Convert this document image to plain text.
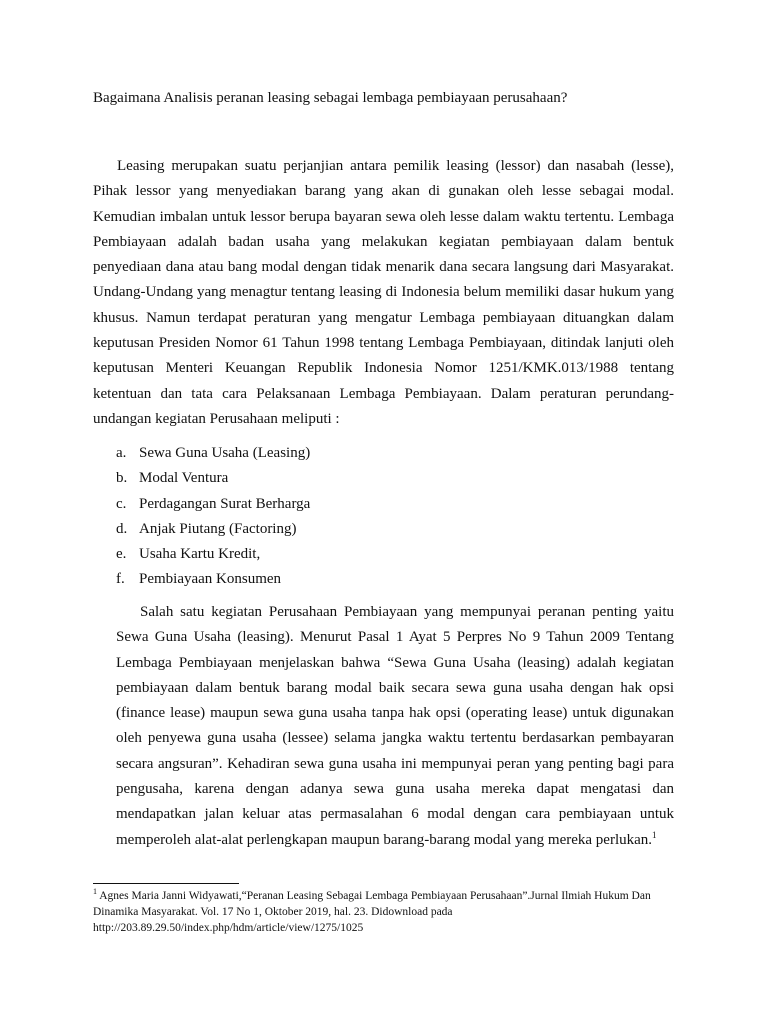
Bagaimana Analisis peranan leasing sebagai lembaga pembiayaan perusahaan?

Leasing merupakan suatu perjanjian antara pemilik leasing (lessor) dan nasabah (lesse), Pihak lessor yang menyediakan barang yang akan di gunakan oleh lesse sebagai modal. Kemudian imbalan untuk lessor berupa bayaran sewa oleh lesse dalam waktu tertentu. Lembaga Pembiayaan adalah badan usaha yang melakukan kegiatan pembiayaan dalam bentuk penyediaan dana atau bang modal dengan tidak menarik dana secara langsung dari Masyarakat. Undang-Undang yang menagtur tentang leasing di Indonesia belum memiliki dasar hukum yang khusus. Namun terdapat peraturan yang mengatur Lembaga pembiayaan dituangkan dalam keputusan Presiden Nomor 61 Tahun 1998 tentang Lembaga Pembiayaan, ditindak lanjuti oleh keputusan Menteri Keuangan Republik Indonesia Nomor 1251/KMK.013/1988 tentang ketentuan dan tata cara Pelaksanaan Lembaga Pembiayaan. Dalam peraturan perundang-undangan kegiatan Perusahaan meliputi :

a. Sewa Guna Usaha (Leasing)
b. Modal Ventura
c. Perdagangan Surat Berharga
d. Anjak Piutang (Factoring)
e. Usaha Kartu Kredit,
f. Pembiayaan Konsumen

Salah satu kegiatan Perusahaan Pembiayaan yang mempunyai peranan penting yaitu Sewa Guna Usaha (leasing). Menurut Pasal 1 Ayat 5 Perpres No 9 Tahun 2009 Tentang Lembaga Pembiayaan menjelaskan bahwa “Sewa Guna Usaha (leasing) adalah kegiatan pembiayaan dalam bentuk barang modal baik secara sewa guna usaha dengan hak opsi (finance lease) maupun sewa guna usaha tanpa hak opsi (operating lease) untuk digunakan oleh penyewa guna usaha (lessee) selama jangka waktu tertentu berdasarkan pembayaran secara angsuran”. Kehadiran sewa guna usaha ini mempunyai peran yang penting bagi para pengusaha, karena dengan adanya sewa guna usaha mereka dapat mengatasi dan mendapatkan jalan keluar atas permasalahan 6 modal dengan cara pembiayaan untuk memperoleh alat-alat perlengkapan maupun barang-barang modal yang mereka perlukan.$^1$

$^1$ Agnes Maria Janni Widyawati,“Peranan Leasing Sebagai Lembaga Pembiayaan Perusahaan”.Jurnal Ilmiah Hukum Dan Dinamika Masyarakat. Vol. 17 No 1, Oktober 2019, hal. 23. Didownload pada http://203.89.29.50/index.php/hdm/article/view/1275/1025
